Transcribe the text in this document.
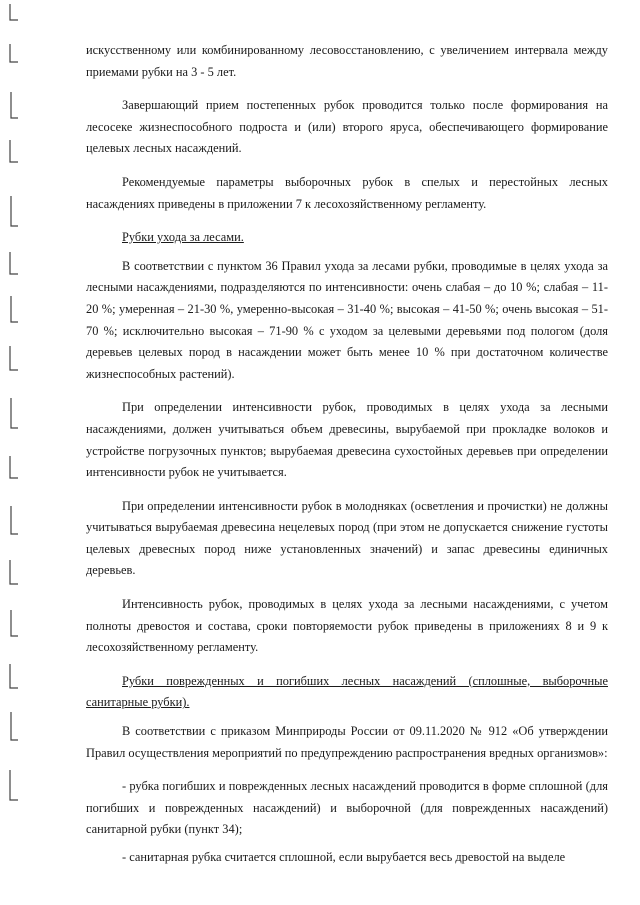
искусственному или комбинированному лесовосстановлению, с увеличением интервала между приемами рубки на 3 - 5 лет.

Завершающий прием постепенных рубок проводится только после формирования на лесосеке жизнеспособного подроста и (или) второго яруса, обеспечивающего формирование целевых лесных насаждений.

Рекомендуемые параметры выборочных рубок в спелых и перестойных лесных насаждениях приведены в приложении 7 к лесохозяйственному регламенту.

Рубки ухода за лесами.

В соответствии с пунктом 36 Правил ухода за лесами рубки, проводимые в целях ухода за лесными насаждениями, подразделяются по интенсивности: очень слабая – до 10 %; слабая – 11-20 %; умеренная – 21-30 %, умеренно-высокая – 31-40 %; высокая – 41-50 %; очень высокая – 51-70 %; исключительно высокая – 71-90 % с уходом за целевыми деревьями под пологом (доля деревьев целевых пород в насаждении может быть менее 10 % при достаточном количестве жизнеспособных растений).

При определении интенсивности рубок, проводимых в целях ухода за лесными насаждениями, должен учитываться объем древесины, вырубаемой при прокладке волоков и устройстве погрузочных пунктов; вырубаемая древесина сухостойных деревьев при определении интенсивности рубок не учитывается.

При определении интенсивности рубок в молодняках (осветления и прочистки) не должны учитываться вырубаемая древесина нецелевых пород (при этом не допускается снижение густоты целевых древесных пород ниже установленных значений) и запас древесины единичных деревьев.

Интенсивность рубок, проводимых в целях ухода за лесными насаждениями, с учетом полноты древостоя и состава, сроки повторяемости рубок приведены в приложениях 8 и 9 к лесохозяйственному регламенту.

Рубки поврежденных и погибших лесных насаждений (сплошные, выборочные санитарные рубки).

В соответствии с приказом Минприроды России от 09.11.2020 № 912 «Об утверждении Правил осуществления мероприятий по предупреждению распространения вредных организмов»:

- рубка погибших и поврежденных лесных насаждений проводится в форме сплошной (для погибших и поврежденных насаждений) и выборочной (для поврежденных насаждений) санитарной рубки (пункт 34);

- санитарная рубка считается сплошной, если вырубается весь древостой на выделе
